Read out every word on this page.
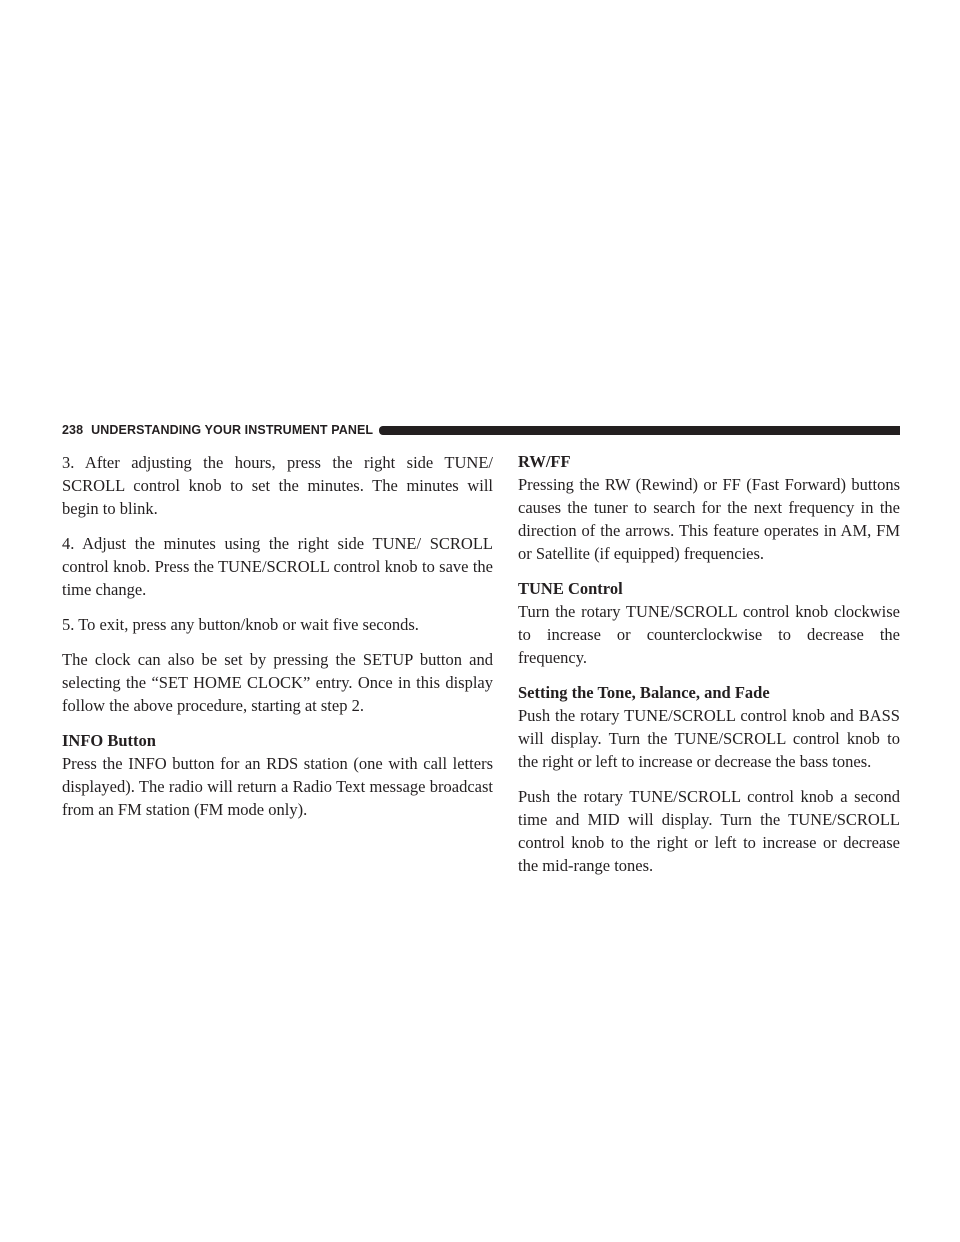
238 UNDERSTANDING YOUR INSTRUMENT PANEL

3. After adjusting the hours, press the right side TUNE/ SCROLL control knob to set the minutes. The minutes will begin to blink.

4. Adjust the minutes using the right side TUNE/ SCROLL control knob. Press the TUNE/SCROLL control knob to save the time change.

5. To exit, press any button/knob or wait five seconds.

The clock can also be set by pressing the SETUP button and selecting the “SET HOME CLOCK” entry. Once in this display follow the above procedure, starting at step 2.

INFO Button

Press the INFO button for an RDS station (one with call letters displayed). The radio will return a Radio Text message broadcast from an FM station (FM mode only).

RW/FF

Pressing the RW (Rewind) or FF (Fast Forward) buttons causes the tuner to search for the next frequency in the direction of the arrows. This feature operates in AM, FM or Satellite (if equipped) frequencies.

TUNE Control

Turn the rotary TUNE/SCROLL control knob clockwise to increase or counterclockwise to decrease the frequency.

Setting the Tone, Balance, and Fade

Push the rotary TUNE/SCROLL control knob and BASS will display. Turn the TUNE/SCROLL control knob to the right or left to increase or decrease the bass tones.

Push the rotary TUNE/SCROLL control knob a second time and MID will display. Turn the TUNE/SCROLL control knob to the right or left to increase or decrease the mid-range tones.
